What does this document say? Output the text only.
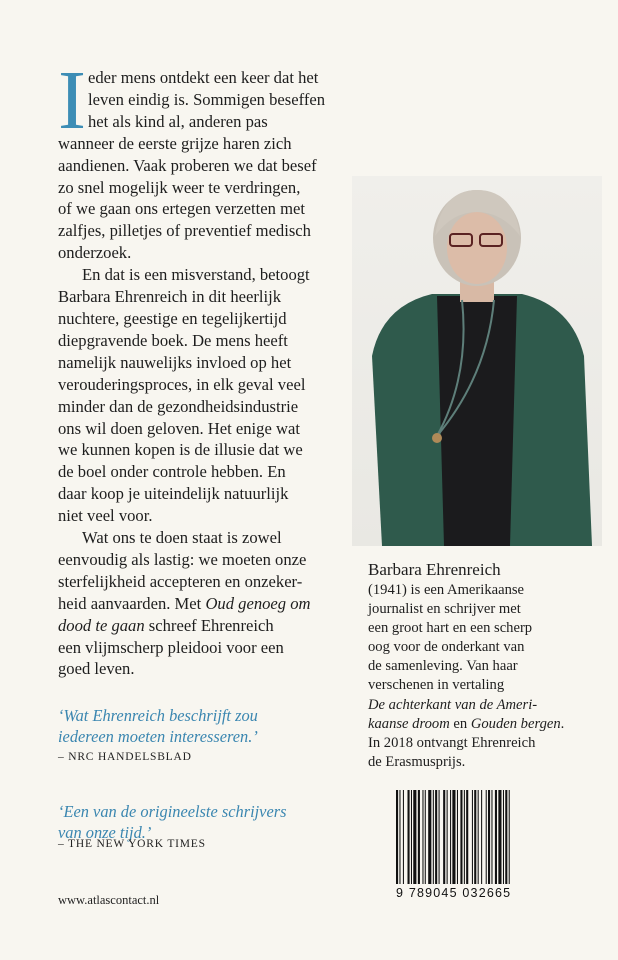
I eder mens ontdekt een keer dat het
leven eindig is. Sommigen beseffen
het als kind al, anderen pas
wanneer de eerste grijze haren zich
aandienen. Vaak proberen we dat besef
zo snel mogelijk weer te verdringen,
of we gaan ons ertegen verzetten met
zalfjes, pilletjes of preventief medisch
onderzoek.
En dat is een misverstand, betoogt
Barbara Ehrenreich in dit heerlijk
nuchtere, geestige en tegelijkertijd
diepgravende boek. De mens heeft
namelijk nauwelijks invloed op het
verouderingsproces, in elk geval veel
minder dan de gezondheidsindustrie
ons wil doen geloven. Het enige wat
we kunnen kopen is de illusie dat we
de boel onder controle hebben. En
daar koop je uiteindelijk natuurlijk
niet veel voor.
Wat ons te doen staat is zowel
eenvoudig als lastig: we moeten onze
sterfelijkheid accepteren en onzeker-
heid aanvaarden. Met Oud genoeg om
dood te gaan schreef Ehrenreich
een vlijmscherp pleidooi voor een
goed leven.
‘Wat Ehrenreich beschrijft zou
iedereen moeten interesseren.’
– NRC HANDELSBLAD
‘Een van de origineelste schrijvers
van onze tijd.’
– THE NEW YORK TIMES
www.atlascontact.nl
Barbara Ehrenreich
(1941) is een Amerikaanse
journalist en schrijver met
een groot hart en een scherp
oog voor de onderkant van
de samenleving. Van haar
verschenen in vertaling
De achterkant van de Ameri-
kaanse droom en Gouden bergen.
In 2018 ontvangt Ehrenreich
de Erasmusprijs.
9 789045 032665
